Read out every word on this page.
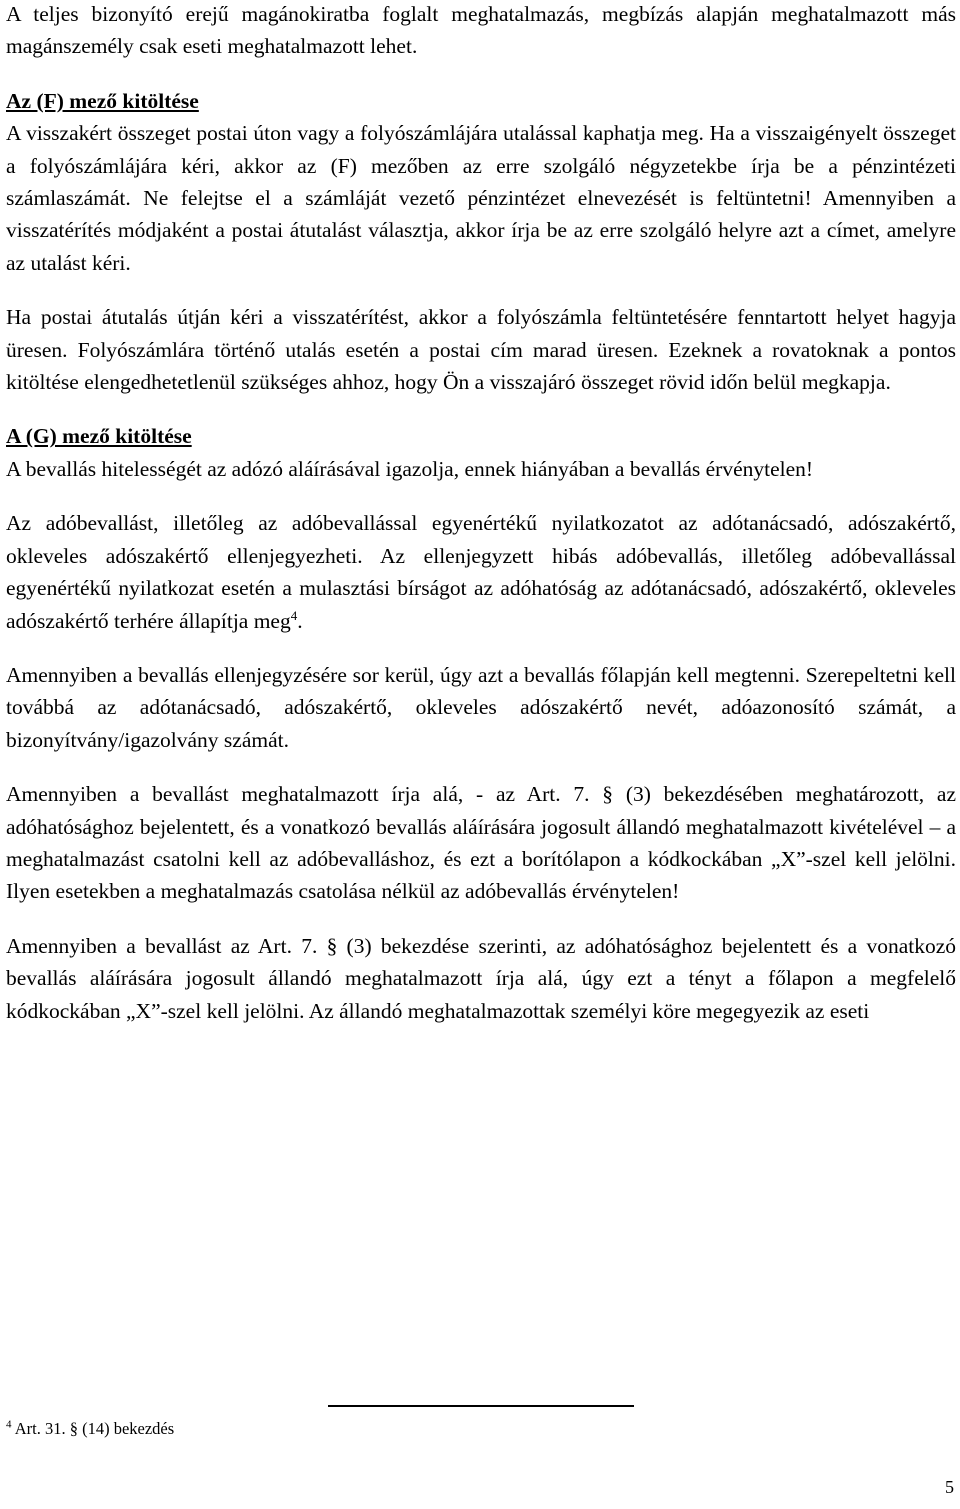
A teljes bizonyító erejű magánokiratba foglalt meghatalmazás, megbízás alapján meghatalmazott más magánszemély csak eseti meghatalmazott lehet.

Az (F) mező kitöltése
A visszakért összeget postai úton vagy a folyószámlájára utalással kaphatja meg. Ha a visszaigényelt összeget a folyószámlájára kéri, akkor az (F) mezőben az erre szolgáló négyzetekbe írja be a pénzintézeti számlaszámát. Ne felejtse el a számláját vezető pénzintézet elnevezését is feltüntetni! Amennyiben a visszatérítés módjaként a postai átutalást választja, akkor írja be az erre szolgáló helyre azt a címet, amelyre az utalást kéri.

Ha postai átutalás útján kéri a visszatérítést, akkor a folyószámla feltüntetésére fenntartott helyet hagyja üresen. Folyószámlára történő utalás esetén a postai cím marad üresen. Ezeknek a rovatoknak a pontos kitöltése elengedhetetlenül szükséges ahhoz, hogy Ön a visszajáró összeget rövid időn belül megkapja.

A (G) mező kitöltése
A bevallás hitelességét az adózó aláírásával igazolja, ennek hiányában a bevallás érvénytelen!

Az adóbevallást, illetőleg az adóbevallással egyenértékű nyilatkozatot az adótanácsadó, adószakértő, okleveles adószakértő ellenjegyezheti. Az ellenjegyzett hibás adóbevallás, illetőleg adóbevallással egyenértékű nyilatkozat esetén a mulasztási bírságot az adóhatóság az adótanácsadó, adószakértő, okleveles adószakértő terhére állapítja meg$^4$.

Amennyiben a bevallás ellenjegyzésére sor kerül, úgy azt a bevallás főlapján kell megtenni. Szerepeltetni kell továbbá az adótanácsadó, adószakértő, okleveles adószakértő nevét, adóazonosító számát, a bizonyítvány/igazolvány számát.

Amennyiben a bevallást meghatalmazott írja alá, - az Art. 7. § (3) bekezdésében meghatározott, az adóhatósághoz bejelentett, és a vonatkozó bevallás aláírására jogosult állandó meghatalmazott kivételével – a meghatalmazást csatolni kell az adóbevalláshoz, és ezt a borítólapon a kódkockában „X”-szel kell jelölni. Ilyen esetekben a meghatalmazás csatolása nélkül az adóbevallás érvénytelen!

Amennyiben a bevallást az Art. 7. § (3) bekezdése szerinti, az adóhatósághoz bejelentett és a vonatkozó bevallás aláírására jogosult állandó meghatalmazott írja alá, úgy ezt a tényt a főlapon a megfelelő kódkockában „X”-szel kell jelölni. Az állandó meghatalmazottak személyi köre megegyezik az eseti

$^4$ Art. 31. § (14) bekezdés
5
